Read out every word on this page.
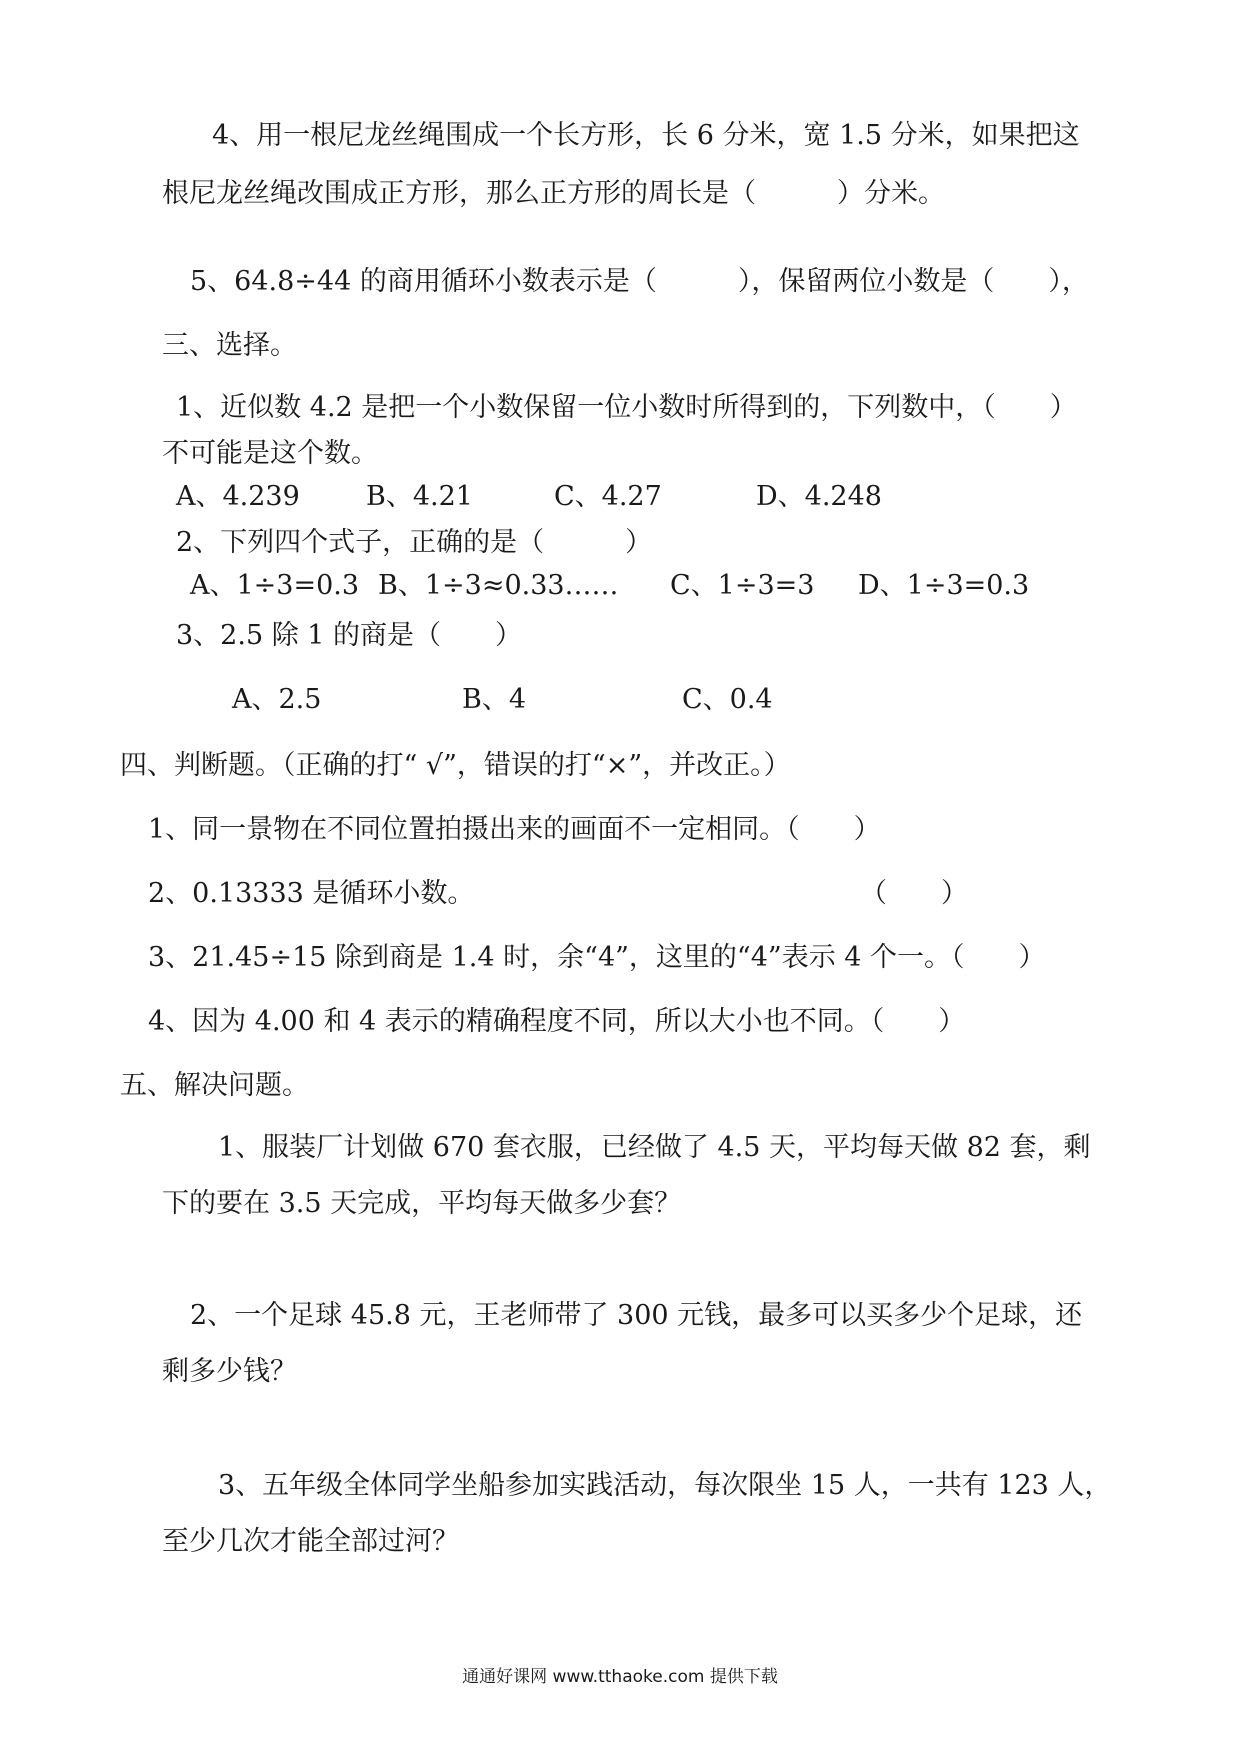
4、用一根尼龙丝绳围成一个长方形，长 6 分米，宽 1.5 分米，如果把这
根尼龙丝绳改围成正方形，那么正方形的周长是（　　　）分米。
5、64.8÷44 的商用循环小数表示是（　　　），保留两位小数是（　　），
三、选择。
1、近似数 4.2 是把一个小数保留一位小数时所得到的，下列数中，（　　）
不可能是这个数。
A、4.239 B、4.21	C、4.27	D、4.248
2、下列四个式子，正确的是（　　　）
A、1÷3=0.3 B、1÷3≈0.33…… C、1÷3=3 D、1÷3=0.3
3、2.5 除 1 的商是（　　）
A、2.5	B、4	C、0.4
四、判断题。（正确的打“ √”，错误的打“×”，并改正。）
1、同一景物在不同位置拍摄出来的画面不一定相同。（　　）
2、0.13333 是循环小数。	（　　）
3、21.45÷15 除到商是 1.4 时，余“4”，这里的“4”表示 4 个一。（　　）
4、因为 4.00 和 4 表示的精确程度不同，所以大小也不同。（　　）
五、解决问题。
1、服装厂计划做 670 套衣服，已经做了 4.5 天，平均每天做 82 套，剩
下的要在 3.5 天完成，平均每天做多少套？
2、一个足球 45.8 元，王老师带了 300 元钱，最多可以买多少个足球，还
剩多少钱？
3、五年级全体同学坐船参加实践活动，每次限坐 15 人，一共有 123 人，
至少几次才能全部过河？
通通好课网 www.tthaoke.com 提供下载
